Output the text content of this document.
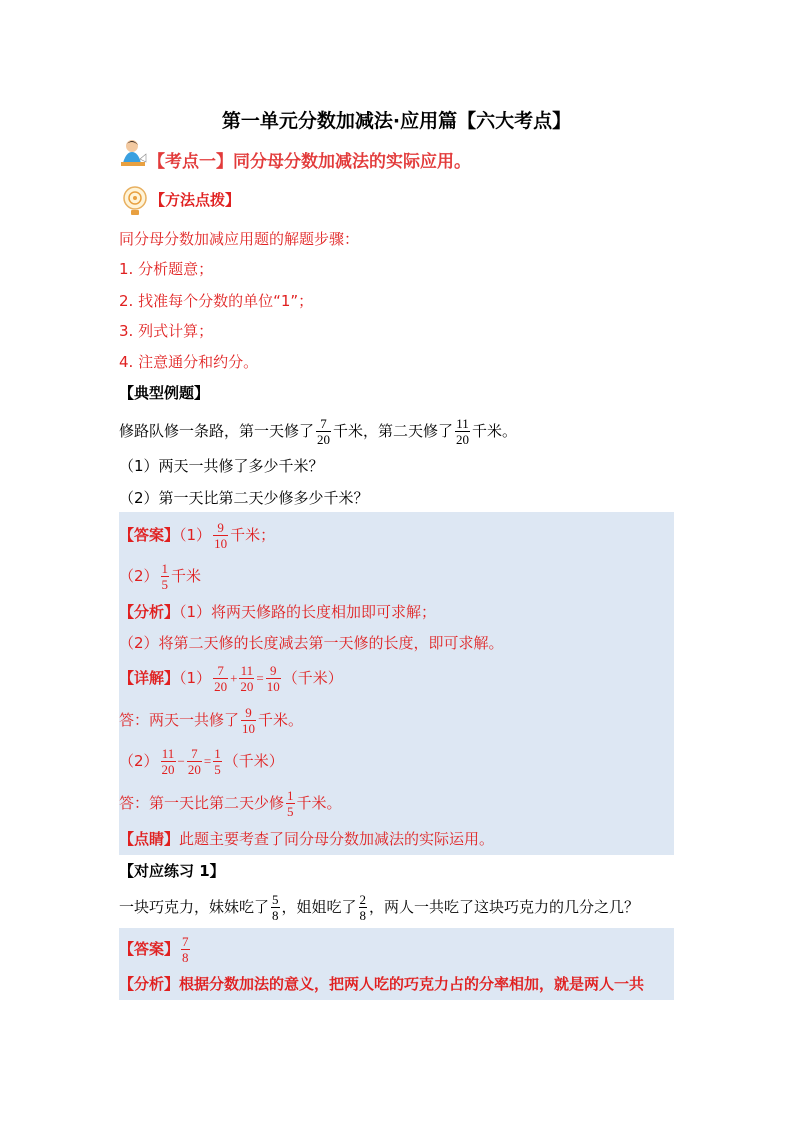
第一单元分数加减法·应用篇【六大考点】
【考点一】同分母分数加减法的实际应用。
【方法点拨】
同分母分数加减应用题的解题步骤：
1. 分析题意；
2. 找准每个分数的单位“1”；
3. 列式计算；
4. 注意通分和约分。
【典型例题】
修路队修一条路，第一天修了 $\frac{7}{20}$ 千米，第二天修了 $\frac{11}{20}$ 千米。
（1）两天一共修了多少千米？
（2）第一天比第二天少修多少千米？
【答案】$(1) \frac{9}{10}$ 千米；
$(2) \frac{1}{5}$ 千米
【分析】（1）将两天修路的长度相加即可求解；
（2）将第二天修的长度减去第一天修的长度，即可求解。
【详解】$(1) \frac{7}{20} + \frac{11}{20} = \frac{9}{10}$ （千米）
答：两天一共修了 $\frac{9}{10}$ 千米。
$(2) \frac{11}{20} - \frac{7}{20} = \frac{1}{5}$ （千米）
答：第一天比第二天少修 $\frac{1}{5}$ 千米。
【点睛】此题主要考查了同分母分数加减法的实际运用。
【对应练习 1】
一块巧克力，妹妹吃了 $\frac{5}{8}$ ，姐姐吃了 $\frac{2}{8}$ ，两人一共吃了这块巧克力的几分之几？
【答案】 $\frac{7}{8}$
【分析】根据分数加法的意义，把两人吃的巧克力占的分率相加，就是两人一共
